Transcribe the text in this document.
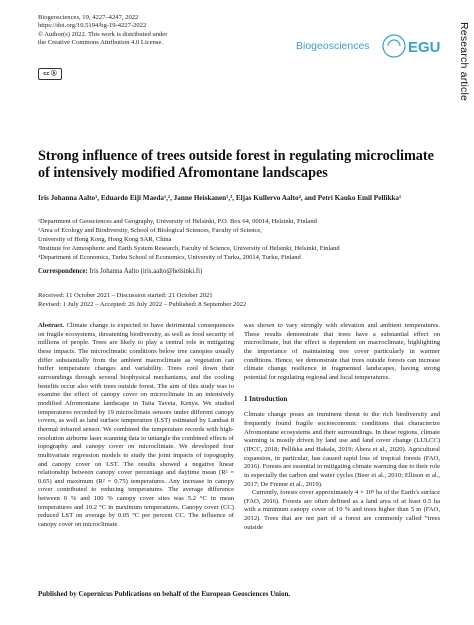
Biogeosciences, 19, 4227–4247, 2022
https://doi.org/10.5194/bg-19-4227-2022
© Author(s) 2022. This work is distributed under
the Creative Commons Attribution 4.0 License.
cc ⓑ
Biogeosciences	EGU Research article
Strong influence of trees outside forest in regulating microclimate of intensively modified Afromontane landscapes
Iris Johanna Aalto¹, Eduardo Eiji Maeda¹,², Janne Heiskanen¹,³, Eljas Kullervo Aalto⁴, and Petri Kauko Emil Pellikka¹
¹Department of Geosciences and Geography, University of Helsinki, P.O. Box 64, 00014, Helsinki, Finland
²Area of Ecology and Biodiversity, School of Biological Sciences, Faculty of Science,
University of Hong Kong, Hong Kong SAR, China
³Institute for Atmospheric and Earth System Research, Faculty of Science, University of Helsinki, Helsinki, Finland
⁴Department of Economics, Turku School of Economics, University of Turku, 20014, Turku, Finland
Correspondence: Iris Johanna Aalto (iris.aalto@helsinki.fi)
Received: 11 October 2021 – Discussion started: 21 October 2021
Revised: 1 July 2022 – Accepted: 26 July 2022 – Published: 8 September 2022

Abstract. Climate change is expected to have detrimental consequences on fragile ecosystems, threatening biodiversity, as well as food security of millions of people. Trees are likely to play a central role in mitigating these impacts. The microclimatic conditions below tree canopies usually differ substantially from the ambient macroclimate as vegetation can buffer temperature changes and variability. Trees cool down their surroundings through several biophysical mechanisms, and the cooling benefits occur also with trees outside forest. The aim of this study was to examine the effect of canopy cover on microclimate in an intensively modified Afromontane landscape in Taita Taveta, Kenya. We studied temperatures recorded by 19 microclimate sensors under different canopy covers, as well as land surface temperature (LST) estimated by Landsat 8 thermal infrared sensor. We combined the temperature records with high-resolution airborne laser scanning data to untangle the combined effects of topography and canopy cover on microclimate. We developed four multivariate regression models to study the joint impacts of topography and canopy cover on LST. The results showed a negative linear relationship between canopy cover percentage and daytime mean (R² = 0.65) and maximum (R² = 0.75) temperatures. Any increase in canopy cover contributed to reducing temperatures. The average difference between 0 % and 100 % canopy cover sites was 5.2 °C in mean temperatures and 10.2 °C in maximum temperatures. Canopy cover (CC) reduced LST on average by 0.05 °C per percent CC. The influence of canopy cover on microclimate

was shown to vary strongly with elevation and ambient temperatures. These results demonstrate that trees have a substantial effect on microclimate, but the effect is dependent on macroclimate, highlighting the importance of maintaining tree cover particularly in warmer conditions. Hence, we demonstrate that trees outside forests can increase climate change resilience in fragmented landscapes, having strong potential for regulating regional and local temperatures.

1 Introduction

Climate change poses an imminent threat to the rich biodiversity and frequently found fragile socioeconomic conditions that characterize Afromontane ecosystems and their surroundings. In these regions, climate warming is mostly driven by land use and land cover change (LULCC) (IPCC, 2018; Pellikka and Hakala, 2019; Abera et al., 2020). Agricultural expansion, in particular, has caused rapid loss of tropical forests (FAO, 2016). Forests are essential in mitigating climate warming due to their role in especially the carbon and water cycles (Beer et al., 2010; Ellison et al., 2017; De Frenne et al., 2019).

Currently, forests cover approximately 4 × 10⁹ ha of the Earth’s surface (FAO, 2016). Forests are often defined as a land area of at least 0.5 ha with a minimum canopy cover of 10 % and trees higher than 5 m (FAO, 2012). Trees that are not part of a forest are commonly called “trees outside

Published by Copernicus Publications on behalf of the European Geosciences Union.
